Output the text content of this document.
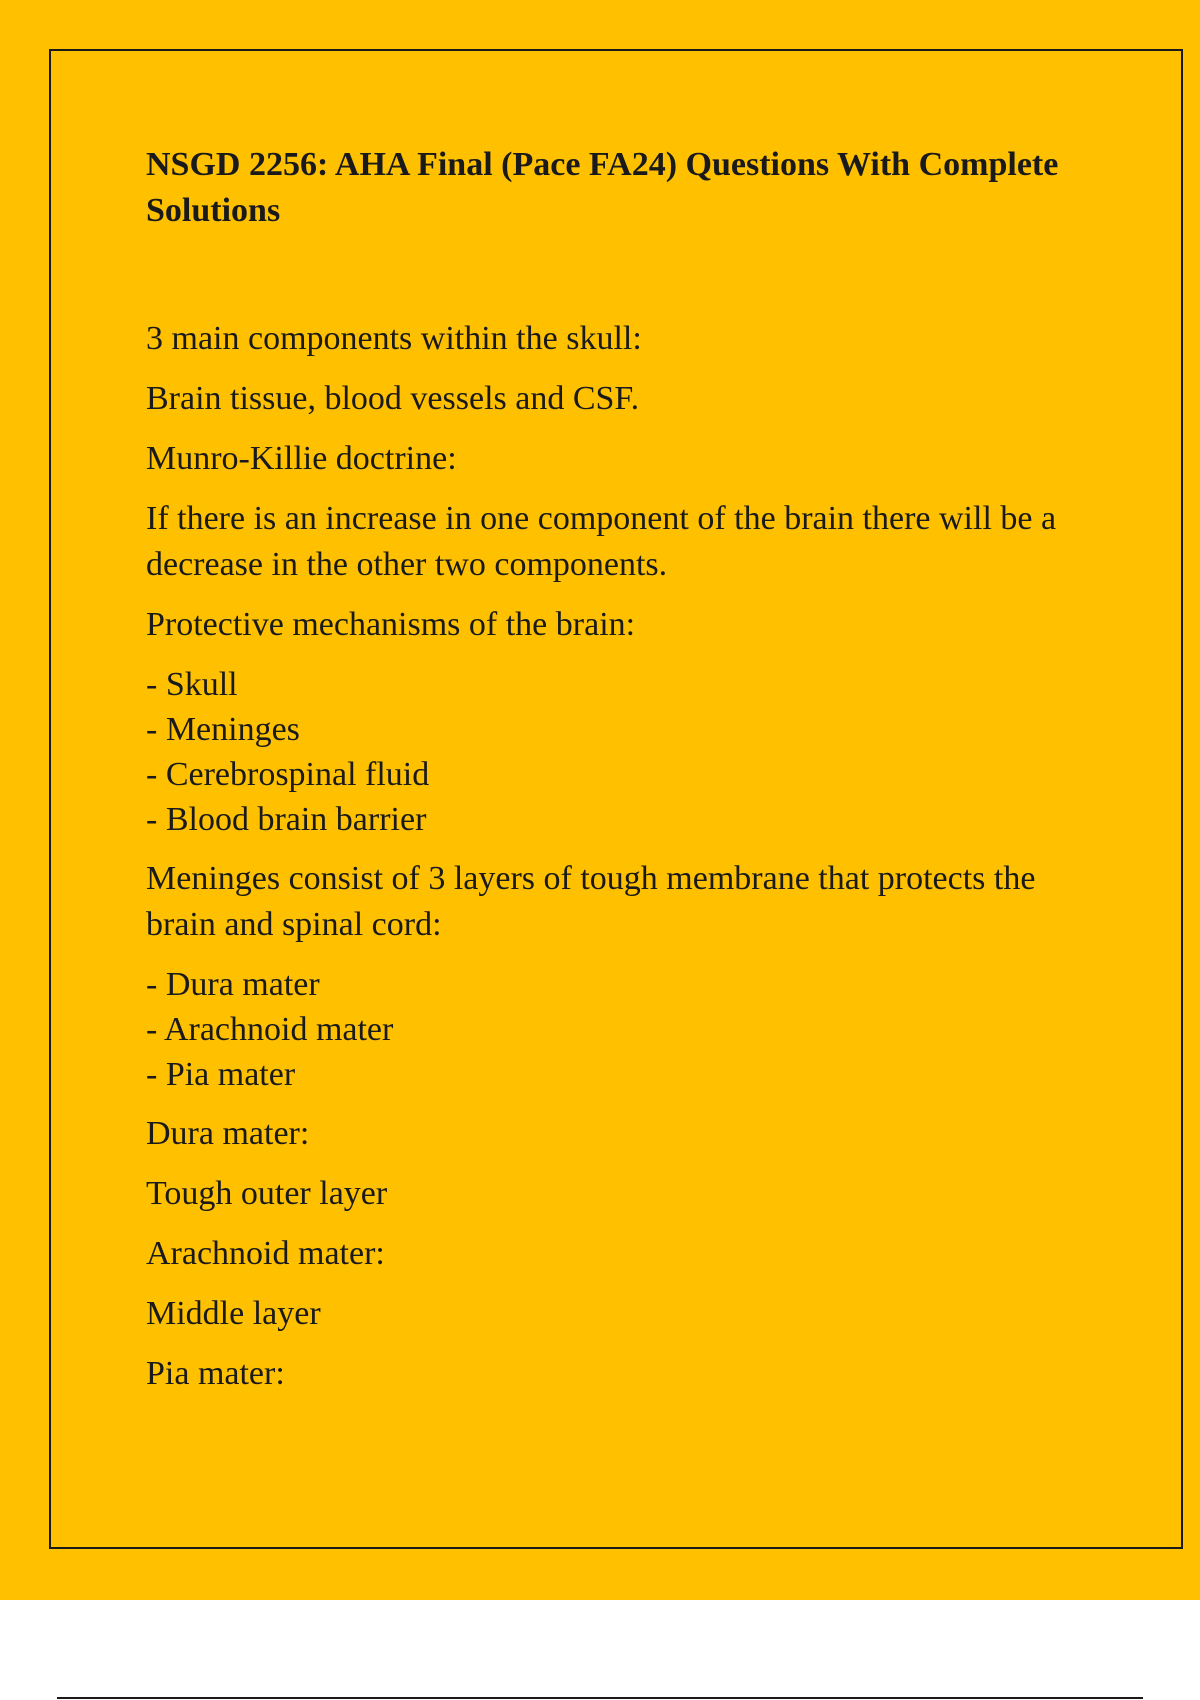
NSGD 2256: AHA Final (Pace FA24) Questions With Complete Solutions

3 main components within the skull:

Brain tissue, blood vessels and CSF.

Munro-Killie doctrine:

If there is an increase in one component of the brain there will be a decrease in the other two components.

Protective mechanisms of the brain:

- Skull
- Meninges
- Cerebrospinal fluid
- Blood brain barrier

Meninges consist of 3 layers of tough membrane that protects the brain and spinal cord:

- Dura mater
- Arachnoid mater
- Pia mater

Dura mater:

Tough outer layer

Arachnoid mater:

Middle layer

Pia mater:
